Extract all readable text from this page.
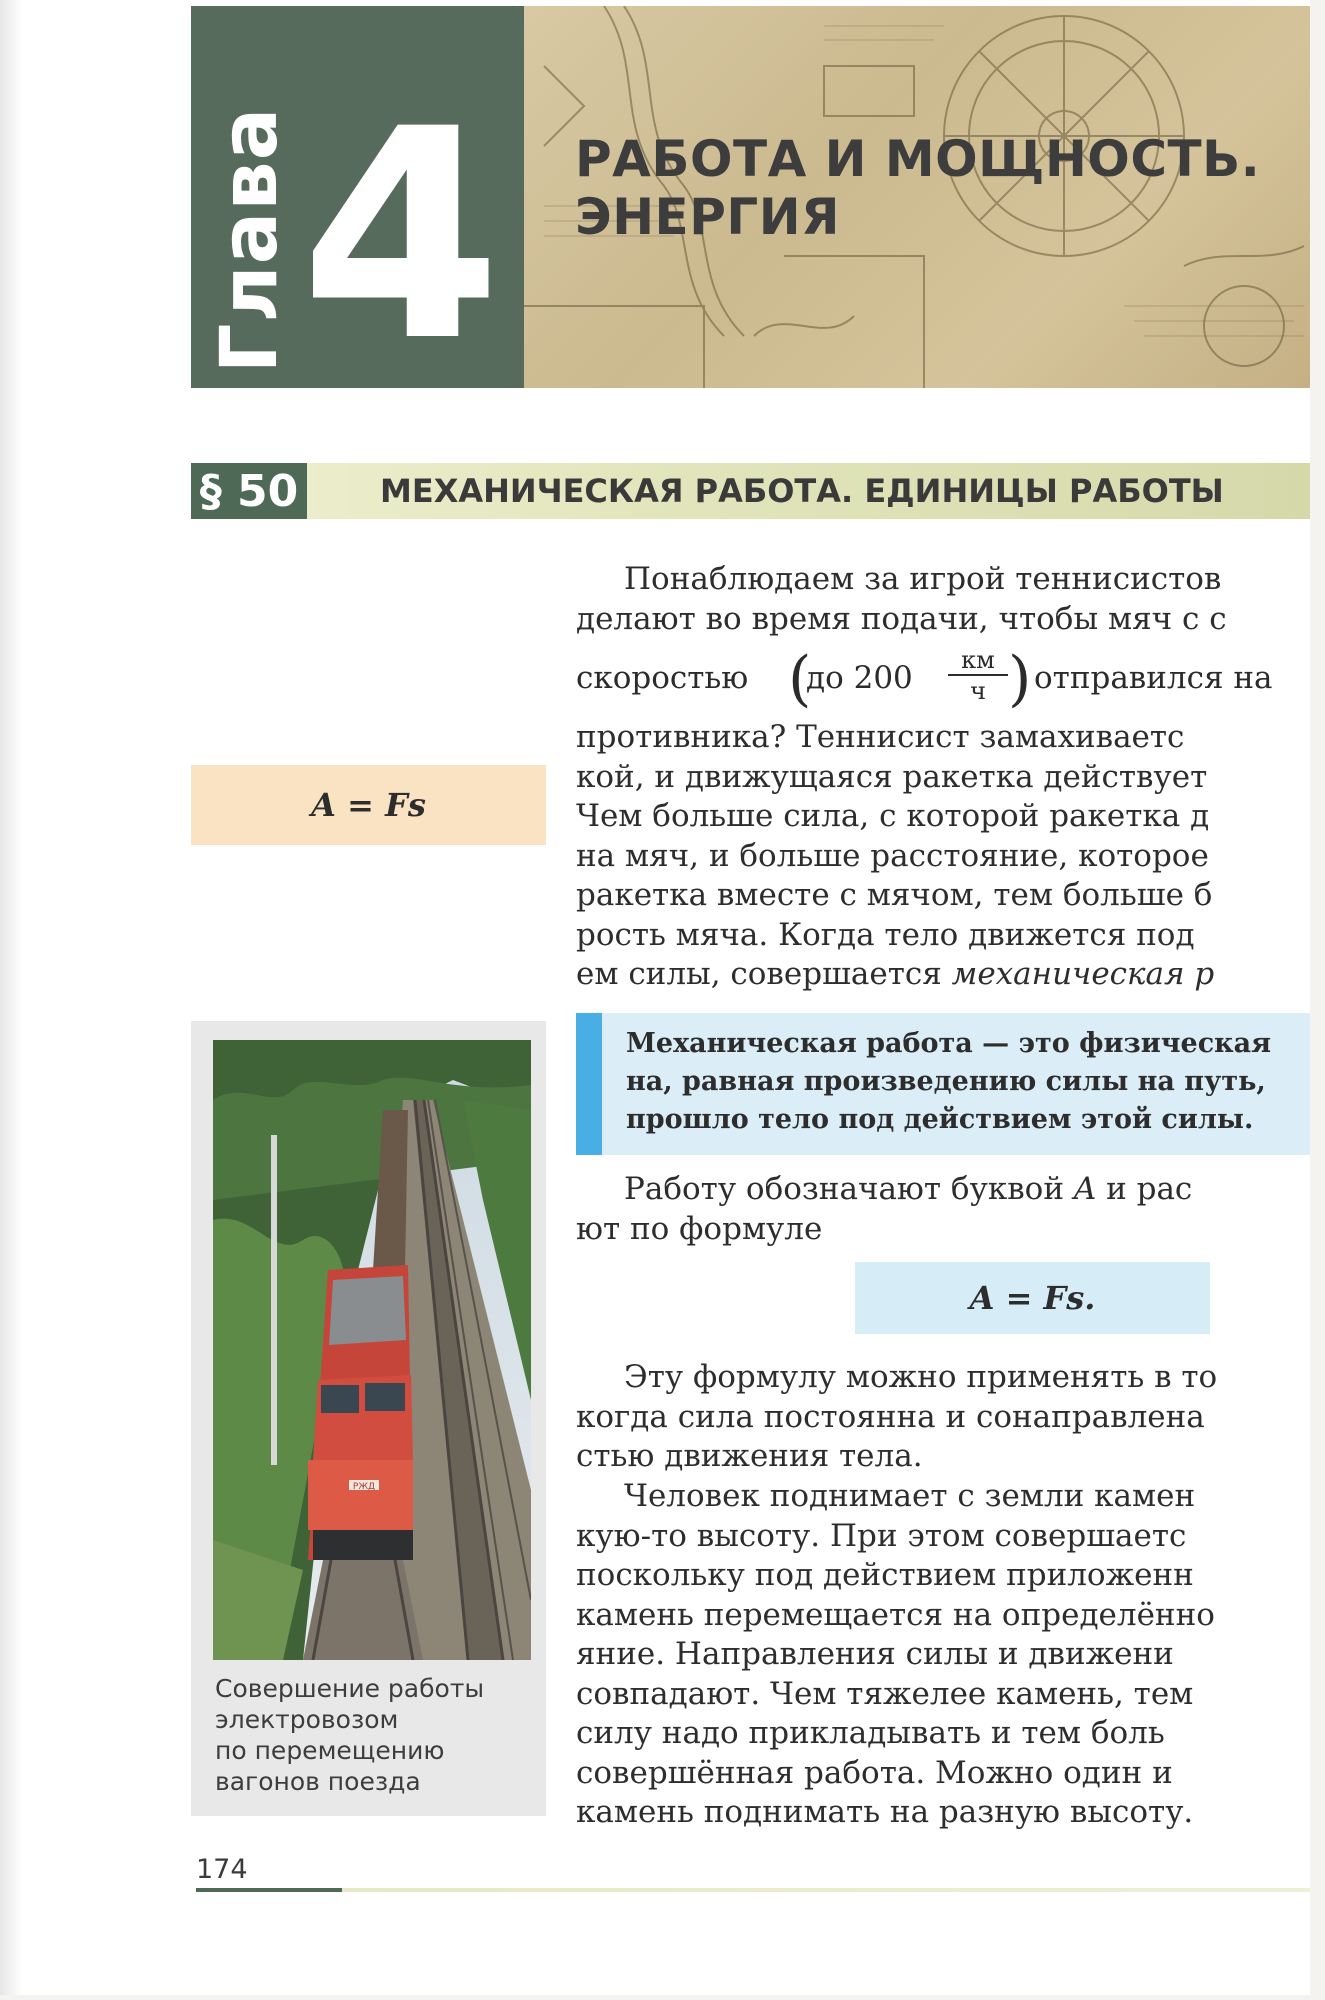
Глава 4 РАБОТА И МОЩНОСТЬ.
ЭНЕРГИЯ
§ 50	МЕХАНИЧЕСКАЯ РАБОТА. ЕДИНИЦЫ РАБОТЫ
Понаблюдаем за игрой теннисистов
делают во время подачи, чтобы мяч с с
скоростью (
до 200	км
ч ) отправился на
противника? Теннисист замахиваетс
кой, и движущаяся ракетка действует
Чем больше сила, с которой ракетка д
на мяч, и больше расстояние, которое
ракетка вместе с мячом, тем больше б
рость мяча. Когда тело движется под
ем силы, совершается механическая р
A = Fs
Механическая работа — это физическая
на, равная произведению силы на путь,
прошло тело под действием этой силы.
Работу обозначают буквой A и рас
ют по формуле
A = Fs.
Эту формулу можно применять в то
когда сила постоянна и сонаправлена
стью движения тела.
Человек поднимает с земли камен
кую-то высоту. При этом совершаетс
поскольку под действием приложенн
камень перемещается на определённо
яние. Направления силы и движени
совпадают. Чем тяжелее камень, тем
силу надо прикладывать и тем боль
совершённая работа. Можно один и
камень поднимать на разную высоту.
РЖД
Совершение работы
электровозом
по перемещению
вагонов поезда
174
